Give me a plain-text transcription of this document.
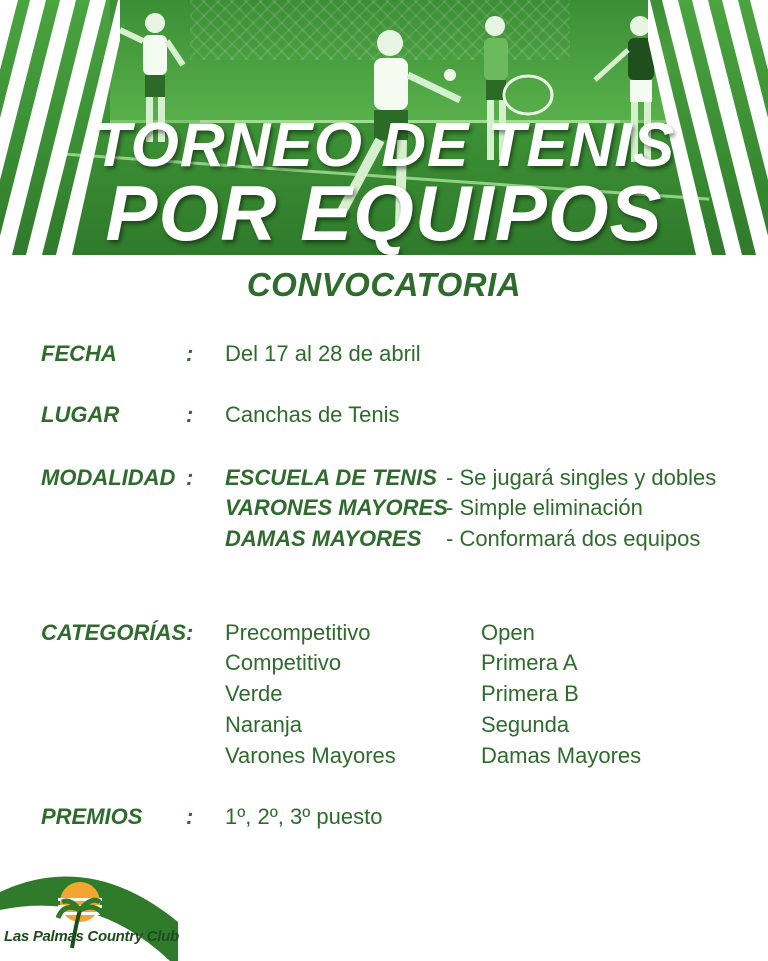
TORNEO DE TENIS
POR EQUIPOS
CONVOCATORIA
FECHA	: Del 17 al 28 de abril
LUGAR	: Canchas de Tenis
MODALIDAD : ESCUELA DE TENIS - Se jugará singles y dobles
VARONES MAYORES
- Simple eliminación
DAMAS MAYORES - Conformará dos equipos
CATEGORÍAS : Precompetitivo
Competitivo
Verde
Naranja
Varones Mayores
Open
Primera A
Primera B
Segunda
Damas Mayores
PREMIOS : 1º, 2º, 3º puesto
Las Palmas Country Club
